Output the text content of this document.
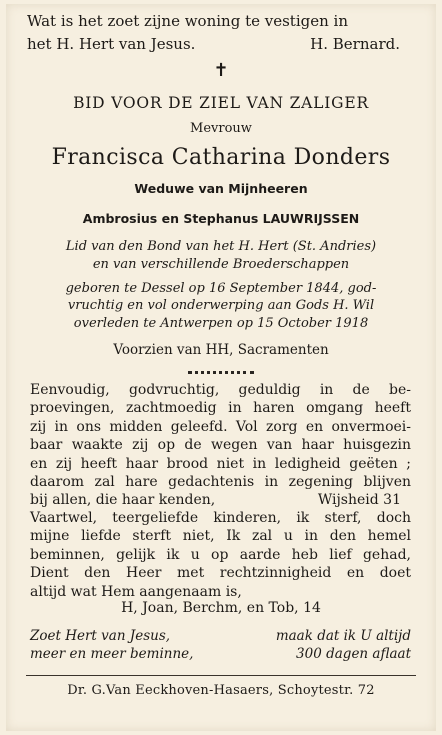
Wat is het zoet zijne woning te vestigen in
het H. Hert van Jesus.	H. Bernard.
✝
BID VOOR DE ZIEL VAN ZALIGER
Mevrouw
Francisca Catharina Donders
Weduwe van Mijnheeren
Ambrosius en Stephanus LAUWRIJSSEN
Lid van den Bond van het H. Hert (St. Andries)
en van verschillende Broederschappen
geboren te Dessel op 16 September 1844, god-
vruchtig en vol onderwerping aan Gods H. Wil
overleden te Antwerpen op 15 October 1918
Voorzien van HH, Sacramenten
Eenvoudig, godvruchtig, geduldig in de be-
proevingen, zachtmoedig in haren omgang heeft
zij in ons midden geleefd. Vol zorg en onvermoei-
baar waakte zij op de wegen van haar huisgezin
en zij heeft haar brood niet in ledigheid geëten ;
daarom zal hare gedachtenis in zegening blijven
bij allen, die haar kenden,	Wijsheid 31
Vaartwel, teergeliefde kinderen, ik sterf, doch
mijne liefde sterft niet, Ik zal u in den hemel
beminnen, gelijk ik u op aarde heb lief gehad,
Dient den Heer met rechtzinnigheid en doet
altijd wat Hem aangenaam is,
H, Joan, Berchm, en Tob, 14
Zoet Hert van Jesus,	maak dat ik U altijd
meer en meer beminne,	300 dagen aflaat
Dr. G.Van Eeckhoven-Hasaers, Schoytestr. 72
